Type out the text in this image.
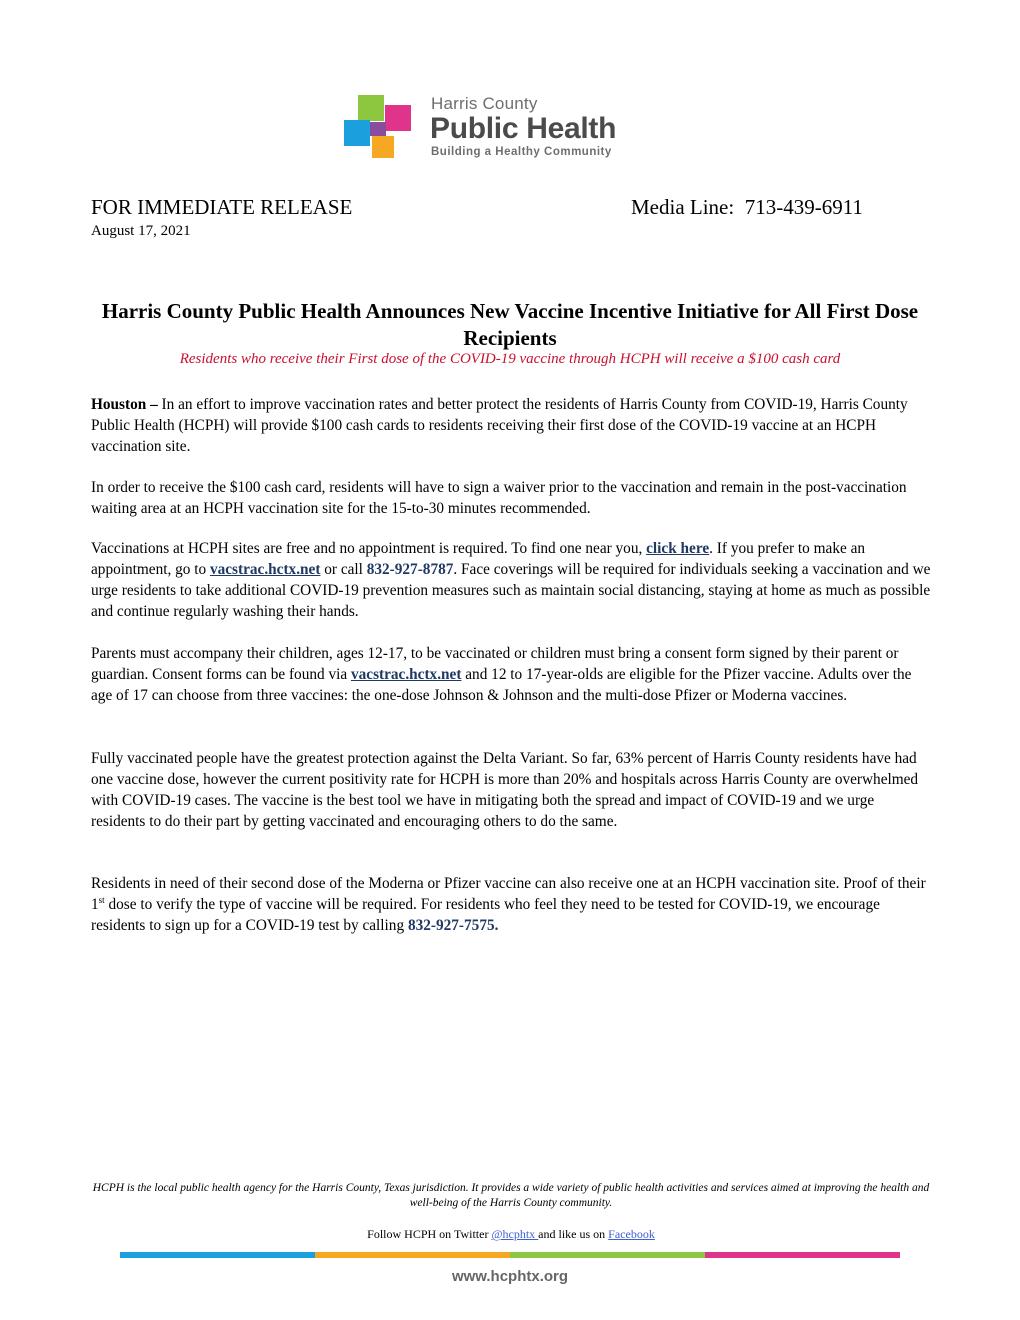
Harris County
Public Health
Building a Healthy Community
FOR IMMEDIATE RELEASE	Media Line: 713-439-6911
August 17, 2021
Harris County Public Health Announces New Vaccine Incentive Initiative for All First Dose Recipients
Residents who receive their First dose of the COVID-19 vaccine through HCPH will receive a $100 cash card
Houston – In an effort to improve vaccination rates and better protect the residents of Harris County from COVID-19, Harris County Public Health (HCPH) will provide $100 cash cards to residents receiving their first dose of the COVID-19 vaccine at an HCPH vaccination site.
In order to receive the $100 cash card, residents will have to sign a waiver prior to the vaccination and remain in the post-vaccination waiting area at an HCPH vaccination site for the 15-to-30 minutes recommended.
Vaccinations at HCPH sites are free and no appointment is required. To find one near you, click here. If you prefer to make an appointment, go to vacstrac.hctx.net or call 832-927-8787. Face coverings will be required for individuals seeking a vaccination and we urge residents to take additional COVID-19 prevention measures such as maintain social distancing, staying at home as much as possible and continue regularly washing their hands.
Parents must accompany their children, ages 12-17, to be vaccinated or children must bring a consent form signed by their parent or guardian. Consent forms can be found via vacstrac.hctx.net and 12 to 17-year-olds are eligible for the Pfizer vaccine. Adults over the age of 17 can choose from three vaccines: the one-dose Johnson & Johnson and the multi-dose Pfizer or Moderna vaccines.
Fully vaccinated people have the greatest protection against the Delta Variant. So far, 63% percent of Harris County residents have had one vaccine dose, however the current positivity rate for HCPH is more than 20% and hospitals across Harris County are overwhelmed with COVID-19 cases. The vaccine is the best tool we have in mitigating both the spread and impact of COVID-19 and we urge residents to do their part by getting vaccinated and encouraging others to do the same.
Residents in need of their second dose of the Moderna or Pfizer vaccine can also receive one at an HCPH vaccination site. Proof of their 1st dose to verify the type of vaccine will be required. For residents who feel they need to be tested for COVID-19, we encourage residents to sign up for a COVID-19 test by calling 832-927-7575.
HCPH is the local public health agency for the Harris County, Texas jurisdiction. It provides a wide variety of public health activities and services aimed at improving the health and well-being of the Harris County community.
Follow HCPH on Twitter @hcphtx and like us on Facebook
www.hcphtx.org
